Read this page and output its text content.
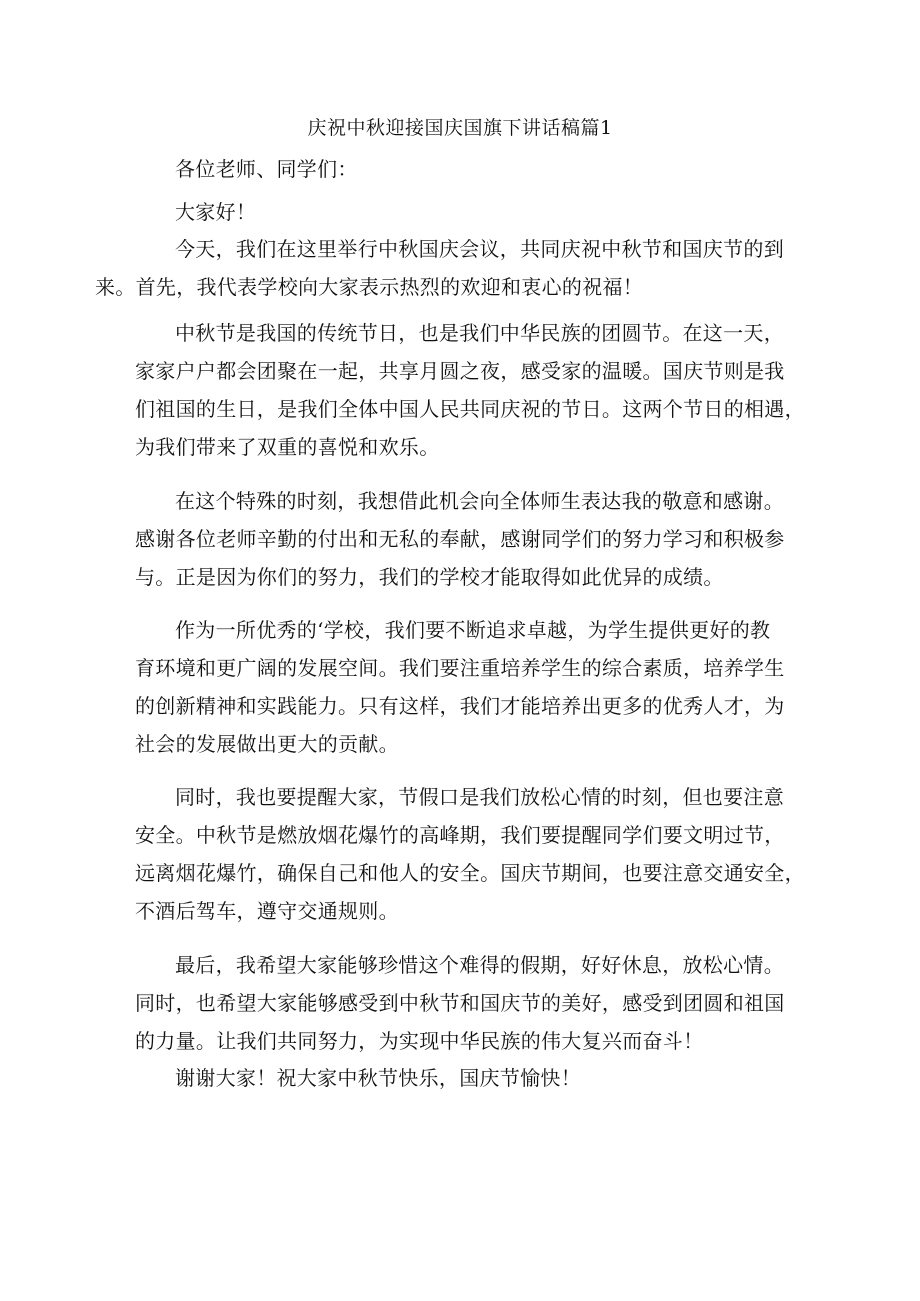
庆祝中秋迎接国庆国旗下讲话稿篇1

各位老师、同学们：

大家好！

今天，我们在这里举行中秋国庆会议，共同庆祝中秋节和国庆节的到
来。首先，我代表学校向大家表示热烈的欢迎和衷心的祝福！

中秋节是我国的传统节日，也是我们中华民族的团圆节。在这一天，
家家户户都会团聚在一起，共享月圆之夜，感受家的温暖。国庆节则是我
们祖国的生日，是我们全体中国人民共同庆祝的节日。这两个节日的相遇，
为我们带来了双重的喜悦和欢乐。

在这个特殊的时刻，我想借此机会向全体师生表达我的敬意和感谢。
感谢各位老师辛勤的付出和无私的奉献，感谢同学们的努力学习和积极参
与。正是因为你们的努力，我们的学校才能取得如此优异的成绩。

作为一所优秀的‘学校，我们要不断追求卓越，为学生提供更好的教
育环境和更广阔的发展空间。我们要注重培养学生的综合素质，培养学生
的创新精神和实践能力。只有这样，我们才能培养出更多的优秀人才，为
社会的发展做出更大的贡献。

同时，我也要提醒大家，节假口是我们放松心情的时刻，但也要注意
安全。中秋节是燃放烟花爆竹的高峰期，我们要提醒同学们要文明过节，
远离烟花爆竹，确保自己和他人的安全。国庆节期间，也要注意交通安全，
不酒后驾车，遵守交通规则。

最后，我希望大家能够珍惜这个难得的假期，好好休息，放松心情。
同时，也希望大家能够感受到中秋节和国庆节的美好，感受到团圆和祖国
的力量。让我们共同努力，为实现中华民族的伟大复兴而奋斗！

谢谢大家！祝大家中秋节快乐，国庆节愉快！
